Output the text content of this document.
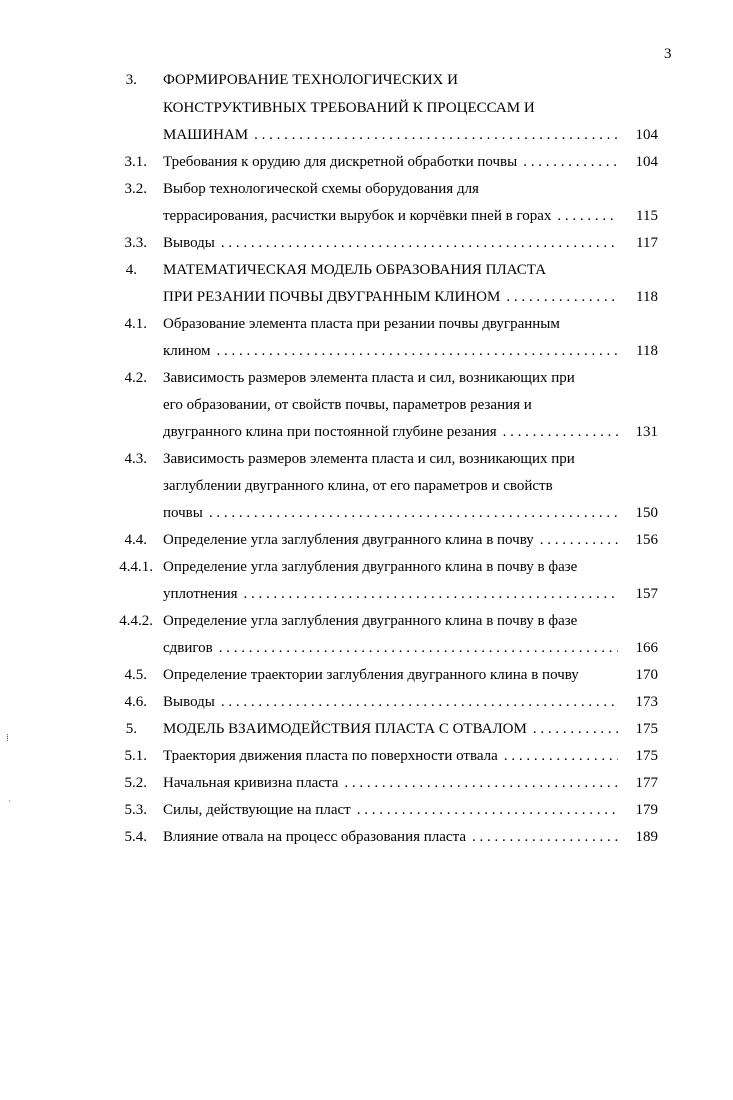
3
3. ФОРМИРОВАНИЕ ТЕХНОЛОГИЧЕСКИХ И
КОНСТРУКТИВНЫХ ТРЕБОВАНИЙ К ПРОЦЕССАМ И
МАШИНАМ . . .	104
3.1. Требования к орудию для дискретной обработки почвы . . .	104
3.2. Выбор технологической схемы оборудования для
террасирования, расчистки вырубок и корчёвки пней в горах . . .	115
3.3. Выводы . . .	117
4. МАТЕМАТИЧЕСКАЯ МОДЕЛЬ ОБРАЗОВАНИЯ ПЛАСТА
ПРИ РЕЗАНИИ ПОЧВЫ ДВУГРАННЫМ КЛИНОМ . . .	118
4.1. Образование элемента пласта при резании почвы двугранным
клином . . .	118
4.2. Зависимость размеров элемента пласта и сил, возникающих при
его образовании, от свойств почвы, параметров резания и
двугранного клина при постоянной глубине резания . . .	131
4.3. Зависимость размеров элемента пласта и сил, возникающих при
заглублении двугранного клина, от его параметров и свойств
почвы . . .	150
4.4. Определение угла заглубления двугранного клина в почву . . .	156
4.4.1. Определение угла заглубления двугранного клина в почву в фазе
уплотнения . . .	157
4.4.2. Определение угла заглубления двугранного клина в почву в фазе
сдвигов . . .	166
4.5. Определение траектории заглубления двугранного клина в почву	170
4.6. Выводы . . .	173
5. МОДЕЛЬ ВЗАИМОДЕЙСТВИЯ ПЛАСТА С ОТВАЛОМ . . .	175
5.1. Траектория движения пласта по поверхности отвала . . .	175
5.2. Начальная кривизна пласта . . .	177
5.3. Силы, действующие на пласт . . .	179
5.4. Влияние отвала на процесс образования пласта . . .	189
⁞
`
